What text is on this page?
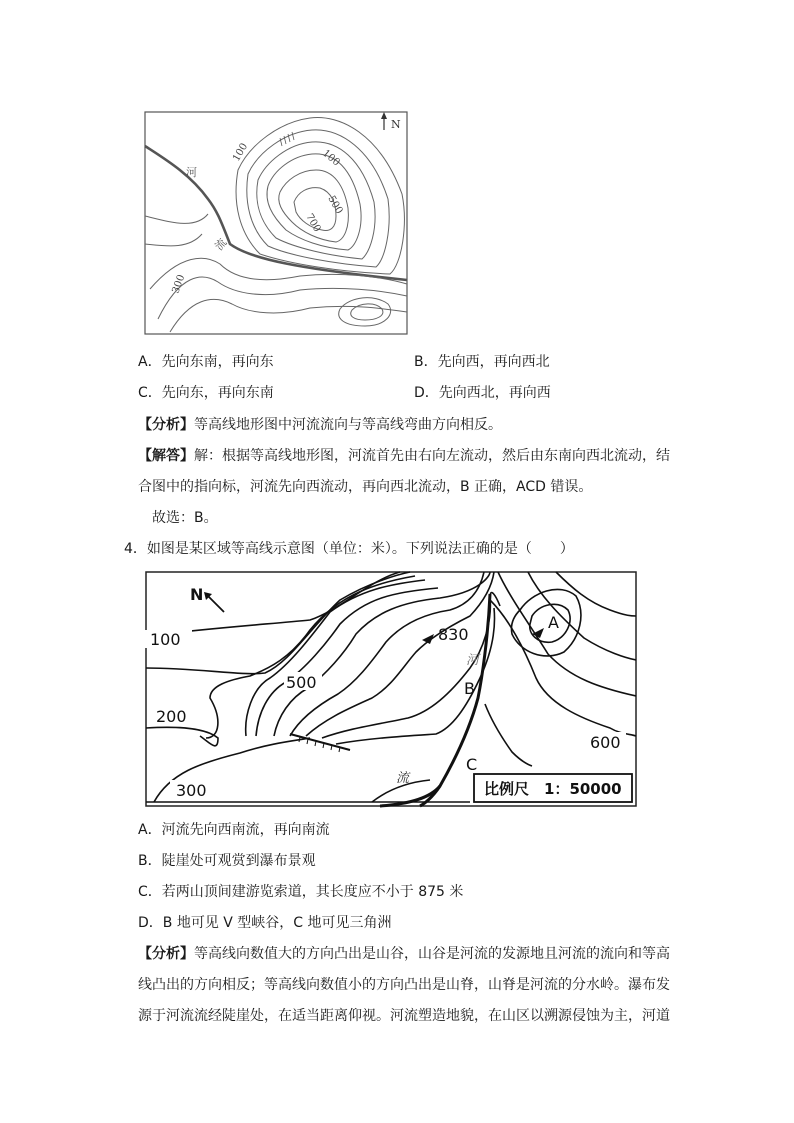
N
100	100
500
700
300
河
流
A．先向东南，再向东	B．先向西，再向西北
C．先向东，再向东南	D．先向西北，再向西
【分析】等高线地形图中河流流向与等高线弯曲方向相反。
【解答】解：根据等高线地形图，河流首先由右向左流动，然后由东南向西北流动，结
合图中的指向标，河流先向西流动，再向西北流动，B 正确，ACD 错误。
故选：B。
4．如图是某区域等高线示意图（单位：米）。下列说法正确的是（　　）
N
A
830
100
200
300
500
600
B
C
河
流
比例尺　1：50000
A．河流先向西南流，再向南流
B．陡崖处可观赏到瀑布景观
C．若两山顶间建游览索道，其长度应不小于 875 米
D．B 地可见 V 型峡谷，C 地可见三角洲
【分析】等高线向数值大的方向凸出是山谷，山谷是河流的发源地且河流的流向和等高
线凸出的方向相反；等高线向数值小的方向凸出是山脊，山脊是河流的分水岭。瀑布发
源于河流流经陡崖处，在适当距离仰视。河流塑造地貌，在山区以溯源侵蚀为主，河道
